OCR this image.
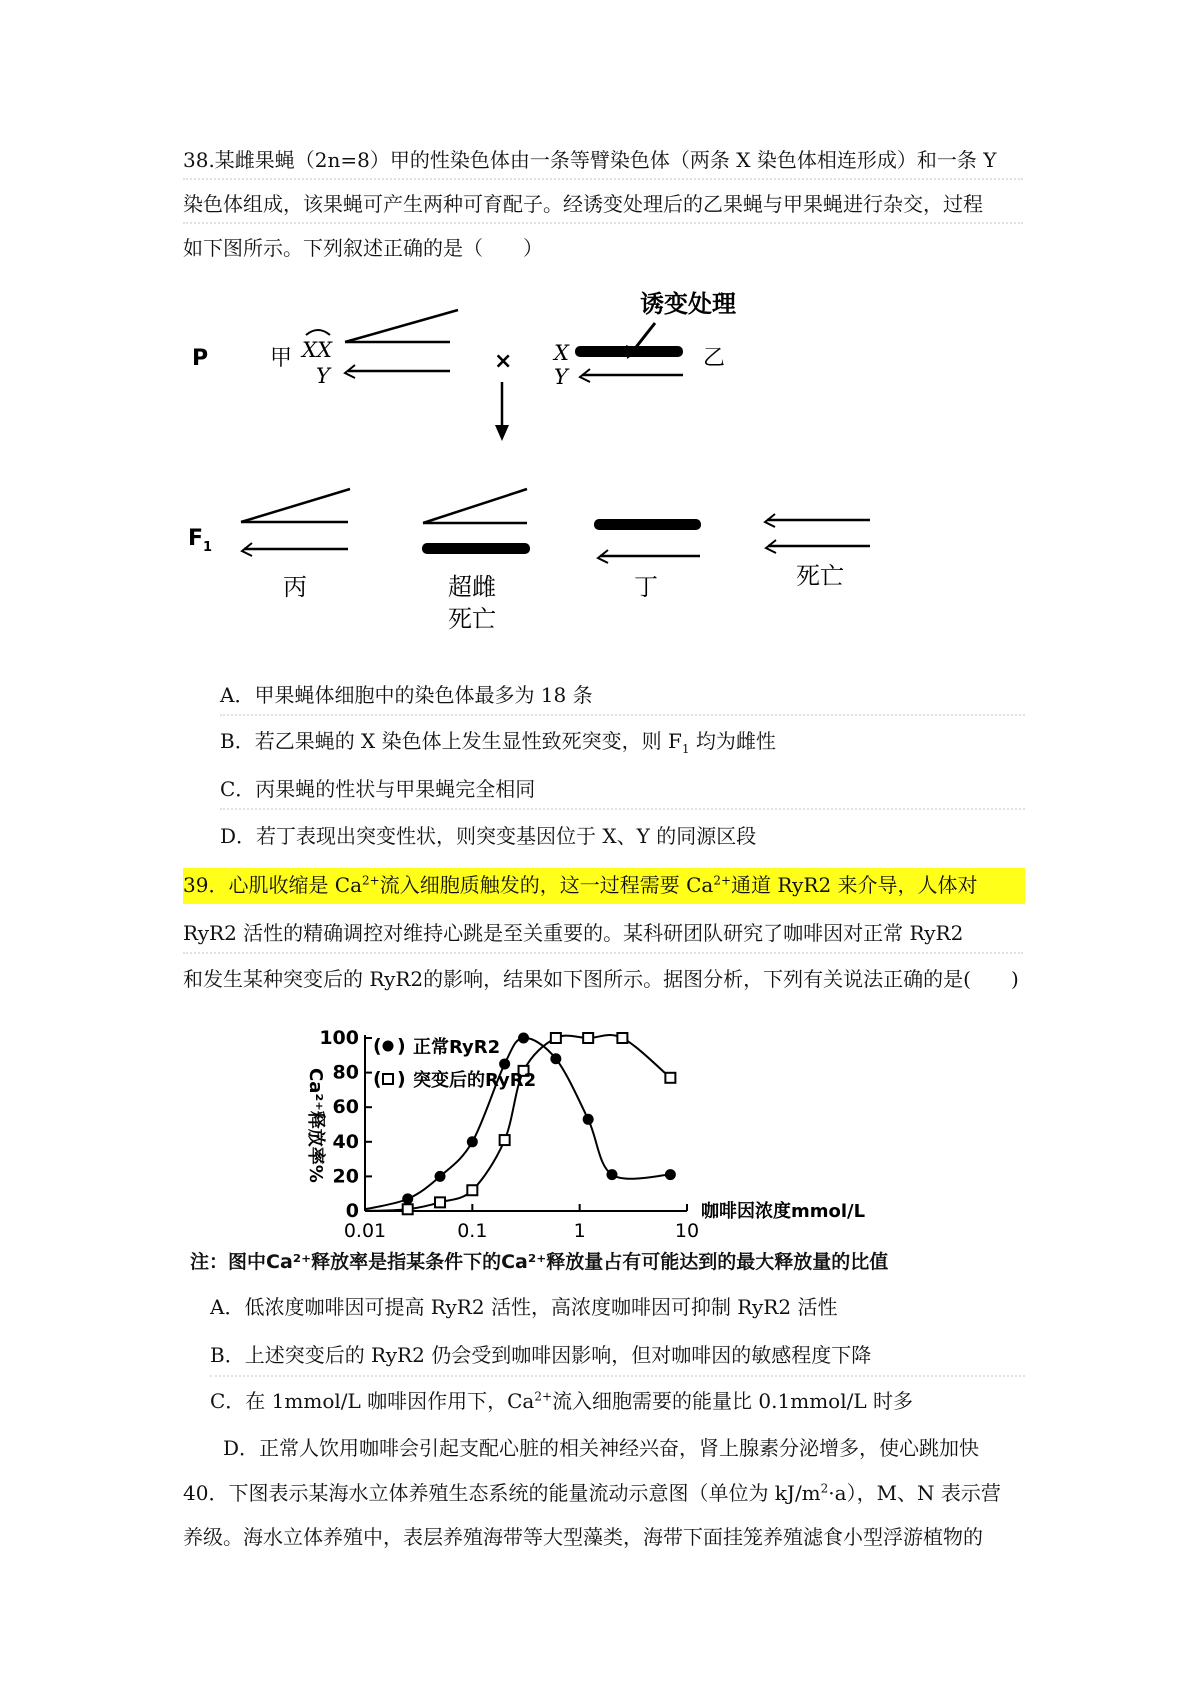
38.某雌果蝇（2n=8）甲的性染色体由一条等臂染色体（两条 X 染色体相连形成）和一条 Y
染色体组成，该果蝇可产生两种可育配子。经诱变处理后的乙果蝇与甲果蝇进行杂交，过程
如下图所示。下列叙述正确的是（　　）
诱变处理
P	甲 XX
Y
× X
Y
乙
$F_1$
丙	超雌
死亡
丁	死亡
A．甲果蝇体细胞中的染色体最多为 18 条
B．若乙果蝇的 X 染色体上发生显性致死突变，则 $F_1$ 均为雌性
C．丙果蝇的性状与甲果蝇完全相同
D．若丁表现出突变性状，则突变基因位于 X、Y 的同源区段
39．心肌收缩是 $Ca^{2+}$流入细胞质触发的，这一过程需要 $Ca^{2+}$通道 RyR2 来介导，人体对
RyR2 活性的精确调控对维持心跳是至关重要的。某科研团队研究了咖啡因对正常 RyR2
和发生某种突变后的 RyR2的影响，结果如下图所示。据图分析，下列有关说法正确的是(　　)
Ca²⁺释放率%
0
20
40
60
80
100
0.01	0.1	1	10
咖啡因浓度mmol/L
( ) 正常RyR2
( ) 突变后的RyR2
注：图中Ca²⁺释放率是指某条件下的Ca²⁺释放量占有可能达到的最大释放量的比值
A．低浓度咖啡因可提高 RyR2 活性，高浓度咖啡因可抑制 RyR2 活性
B．上述突变后的 RyR2 仍会受到咖啡因影响，但对咖啡因的敏感程度下降
C．在 1mmol/L 咖啡因作用下，$Ca^{2+}$流入细胞需要的能量比 0.1mmol/L 时多
D．正常人饮用咖啡会引起支配心脏的相关神经兴奋，肾上腺素分泌增多，使心跳加快
40．下图表示某海水立体养殖生态系统的能量流动示意图（单位为 $kJ/m^2\cdot a$），M、N 表示营
养级。海水立体养殖中，表层养殖海带等大型藻类，海带下面挂笼养殖滤食小型浮游植物的
